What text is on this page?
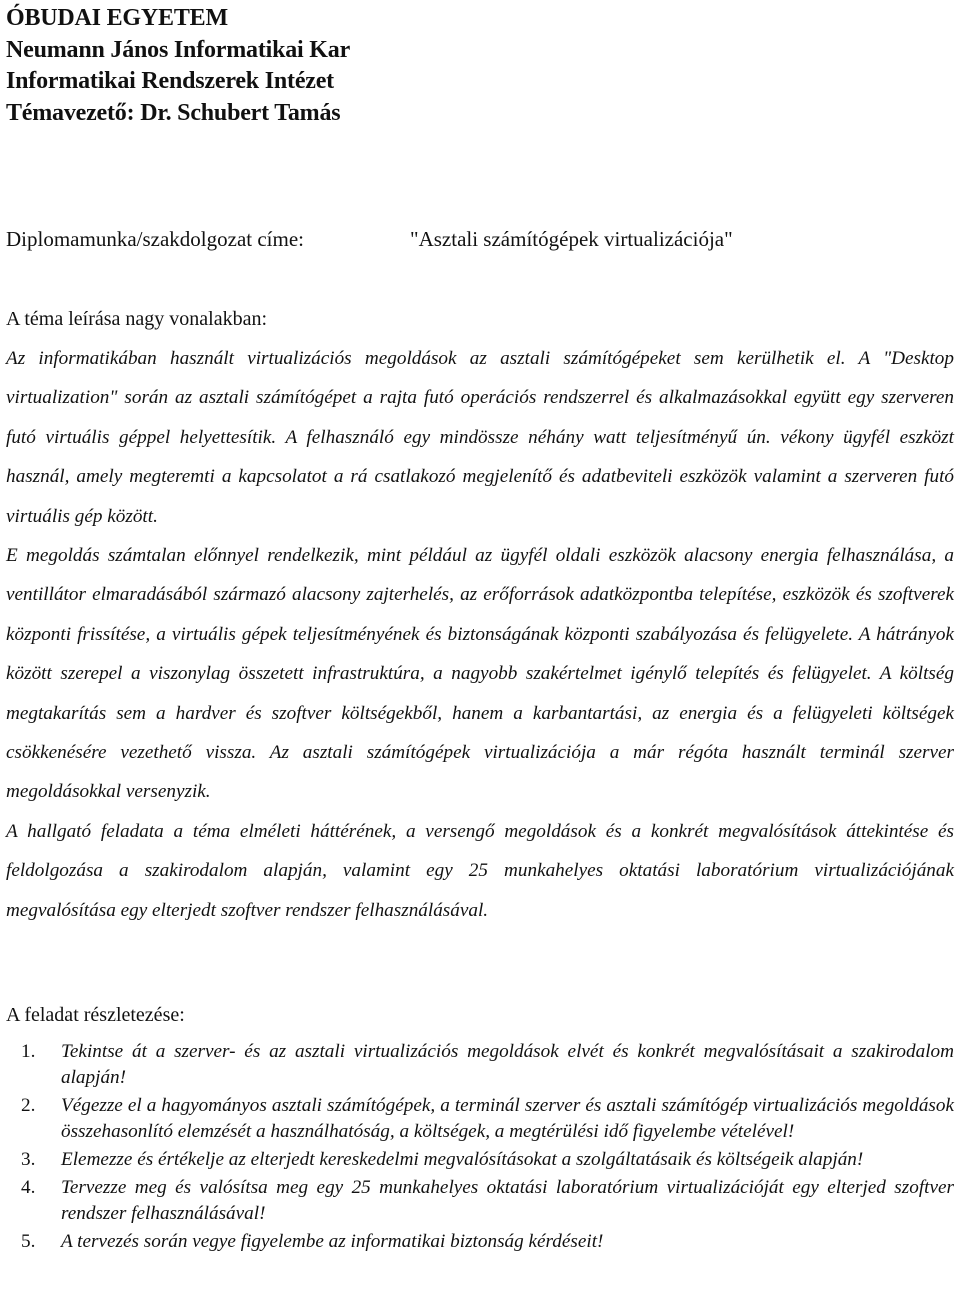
ÓBUDAI EGYETEM
Neumann János Informatikai Kar
Informatikai Rendszerek Intézet
Témavezető: Dr. Schubert Tamás
Diplomamunka/szakdolgozat címe:	"Asztali számítógépek virtualizációja"
A téma leírása nagy vonalakban:

Az informatikában használt virtualizációs megoldások az asztali számítógépeket sem kerülhetik el. A "Desktop virtualization" során az asztali számítógépet a rajta futó operációs rendszerrel és alkalmazásokkal együtt egy szerveren futó virtuális géppel helyettesítik. A felhasználó egy mindössze néhány watt teljesítményű ún. vékony ügyfél eszközt használ, amely megteremti a kapcsolatot a rá csatlakozó megjelenítő és adatbeviteli eszközök valamint a szerveren futó virtuális gép között.

E megoldás számtalan előnnyel rendelkezik, mint például az ügyfél oldali eszközök alacsony energia felhasználása, a ventillátor elmaradásából származó alacsony zajterhelés, az erőforrások adatközpontba telepítése, eszközök és szoftverek központi frissítése, a virtuális gépek teljesítményének és biztonságának központi szabályozása és felügyelete. A hátrányok között szerepel a viszonylag összetett infrastruktúra, a nagyobb szakértelmet igénylő telepítés és felügyelet. A költség megtakarítás sem a hardver és szoftver költségekből, hanem a karbantartási, az energia és a felügyeleti költségek csökkenésére vezethető vissza. Az asztali számítógépek virtualizációja a már régóta használt terminál szerver megoldásokkal versenyzik.

A hallgató feladata a téma elméleti háttérének, a versengő megoldások és a konkrét megvalósítások áttekintése és feldolgozása a szakirodalom alapján, valamint egy 25 munkahelyes oktatási laboratórium virtualizációjának megvalósítása egy elterjedt szoftver rendszer felhasználásával.

A feladat részletezése:
1. Tekintse át a szerver- és az asztali virtualizációs megoldások elvét és konkrét megvalósításait a szakirodalom alapján!
2. Végezze el a hagyományos asztali számítógépek, a terminál szerver és asztali számítógép virtualizációs megoldások összehasonlító elemzését a használhatóság, a költségek, a megtérülési idő figyelembe vételével!
3. Elemezze és értékelje az elterjedt kereskedelmi megvalósításokat a szolgáltatásaik és költségeik alapján!
4. Tervezze meg és valósítsa meg egy 25 munkahelyes oktatási laboratórium virtualizációját egy elterjed szoftver rendszer felhasználásával!
5. A tervezés során vegye figyelembe az informatikai biztonság kérdéseit!
